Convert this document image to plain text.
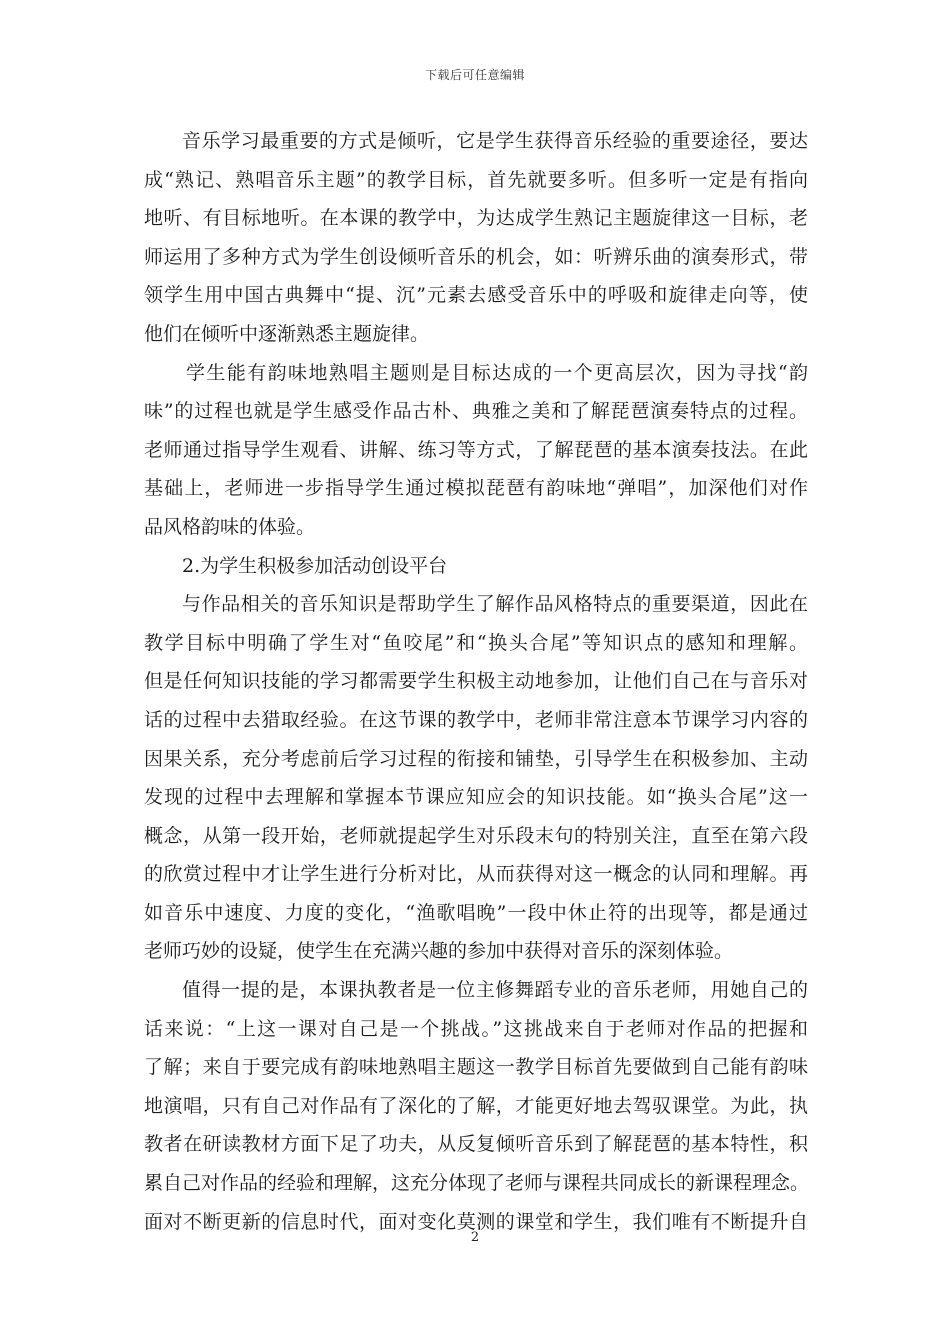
下载后可任意编辑
音乐学习最重要的方式是倾听，它是学生获得音乐经验的重要途径，要达
成“熟记、熟唱音乐主题”的教学目标，首先就要多听。但多听一定是有指向
地听、有目标地听。在本课的教学中，为达成学生熟记主题旋律这一目标，老
师运用了多种方式为学生创设倾听音乐的机会，如：听辨乐曲的演奏形式，带
领学生用中国古典舞中“提、沉”元素去感受音乐中的呼吸和旋律走向等，使
他们在倾听中逐渐熟悉主题旋律。
学生能有韵味地熟唱主题则是目标达成的一个更高层次，因为寻找“韵
味”的过程也就是学生感受作品古朴、典雅之美和了解琵琶演奏特点的过程。
老师通过指导学生观看、讲解、练习等方式，了解琵琶的基本演奏技法。在此
基础上，老师进一步指导学生通过模拟琵琶有韵味地“弹唱”，加深他们对作
品风格韵味的体验。
2.为学生积极参加活动创设平台
与作品相关的音乐知识是帮助学生了解作品风格特点的重要渠道，因此在
教学目标中明确了学生对“鱼咬尾”和“换头合尾”等知识点的感知和理解。
但是任何知识技能的学习都需要学生积极主动地参加，让他们自己在与音乐对
话的过程中去猎取经验。在这节课的教学中，老师非常注意本节课学习内容的
因果关系，充分考虑前后学习过程的衔接和铺垫，引导学生在积极参加、主动
发现的过程中去理解和掌握本节课应知应会的知识技能。如“换头合尾”这一
概念，从第一段开始，老师就提起学生对乐段末句的特别关注，直至在第六段
的欣赏过程中才让学生进行分析对比，从而获得对这一概念的认同和理解。再
如音乐中速度、力度的变化，“渔歌唱晚”一段中休止符的出现等，都是通过
老师巧妙的设疑，使学生在充满兴趣的参加中获得对音乐的深刻体验。
值得一提的是，本课执教者是一位主修舞蹈专业的音乐老师，用她自己的
话来说：“上这一课对自己是一个挑战。”这挑战来自于老师对作品的把握和
了解；来自于要完成有韵味地熟唱主题这一教学目标首先要做到自己能有韵味
地演唱，只有自己对作品有了深化的了解，才能更好地去驾驭课堂。为此，执
教者在研读教材方面下足了功夫，从反复倾听音乐到了解琵琶的基本特性，积
累自己对作品的经验和理解，这充分体现了老师与课程共同成长的新课程理念。
面对不断更新的信息时代，面对变化莫测的课堂和学生，我们唯有不断提升自
2
